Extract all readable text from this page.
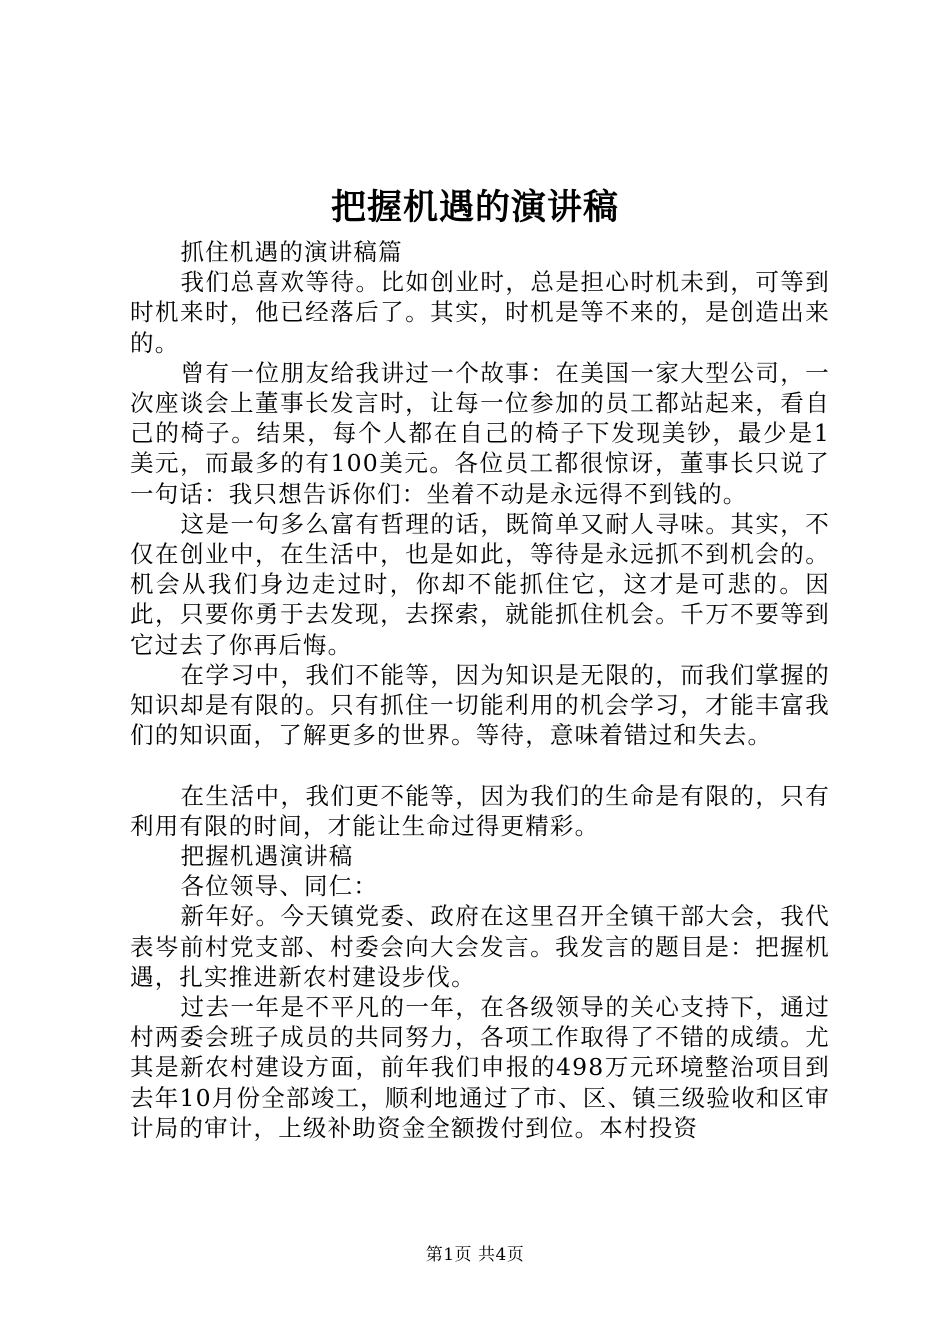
把握机遇的演讲稿

抓住机遇的演讲稿篇

我们总喜欢等待。比如创业时，总是担心时机未到，可等到时机来时，他已经落后了。其实，时机是等不来的，是创造出来的。

曾有一位朋友给我讲过一个故事：在美国一家大型公司，一次座谈会上董事长发言时，让每一位参加的员工都站起来，看自己的椅子。结果，每个人都在自己的椅子下发现美钞，最少是1美元，而最多的有100美元。各位员工都很惊讶，董事长只说了一句话：我只想告诉你们：坐着不动是永远得不到钱的。

这是一句多么富有哲理的话，既简单又耐人寻味。其实，不仅在创业中，在生活中，也是如此，等待是永远抓不到机会的。机会从我们身边走过时，你却不能抓住它，这才是可悲的。因此，只要你勇于去发现，去探索，就能抓住机会。千万不要等到它过去了你再后悔。

在学习中，我们不能等，因为知识是无限的，而我们掌握的知识却是有限的。只有抓住一切能利用的机会学习，才能丰富我们的知识面，了解更多的世界。等待，意味着错过和失去。

在生活中，我们更不能等，因为我们的生命是有限的，只有利用有限的时间，才能让生命过得更精彩。

把握机遇演讲稿

各位领导、同仁：

新年好。今天镇党委、政府在这里召开全镇干部大会，我代表岑前村党支部、村委会向大会发言。我发言的题目是：把握机遇，扎实推进新农村建设步伐。

过去一年是不平凡的一年，在各级领导的关心支持下，通过村两委会班子成员的共同努力，各项工作取得了不错的成绩。尤其是新农村建设方面，前年我们申报的498万元环境整治项目到去年10月份全部竣工，顺利地通过了市、区、镇三级验收和区审计局的审计，上级补助资金全额拨付到位。本村投资

第1页 共4页
